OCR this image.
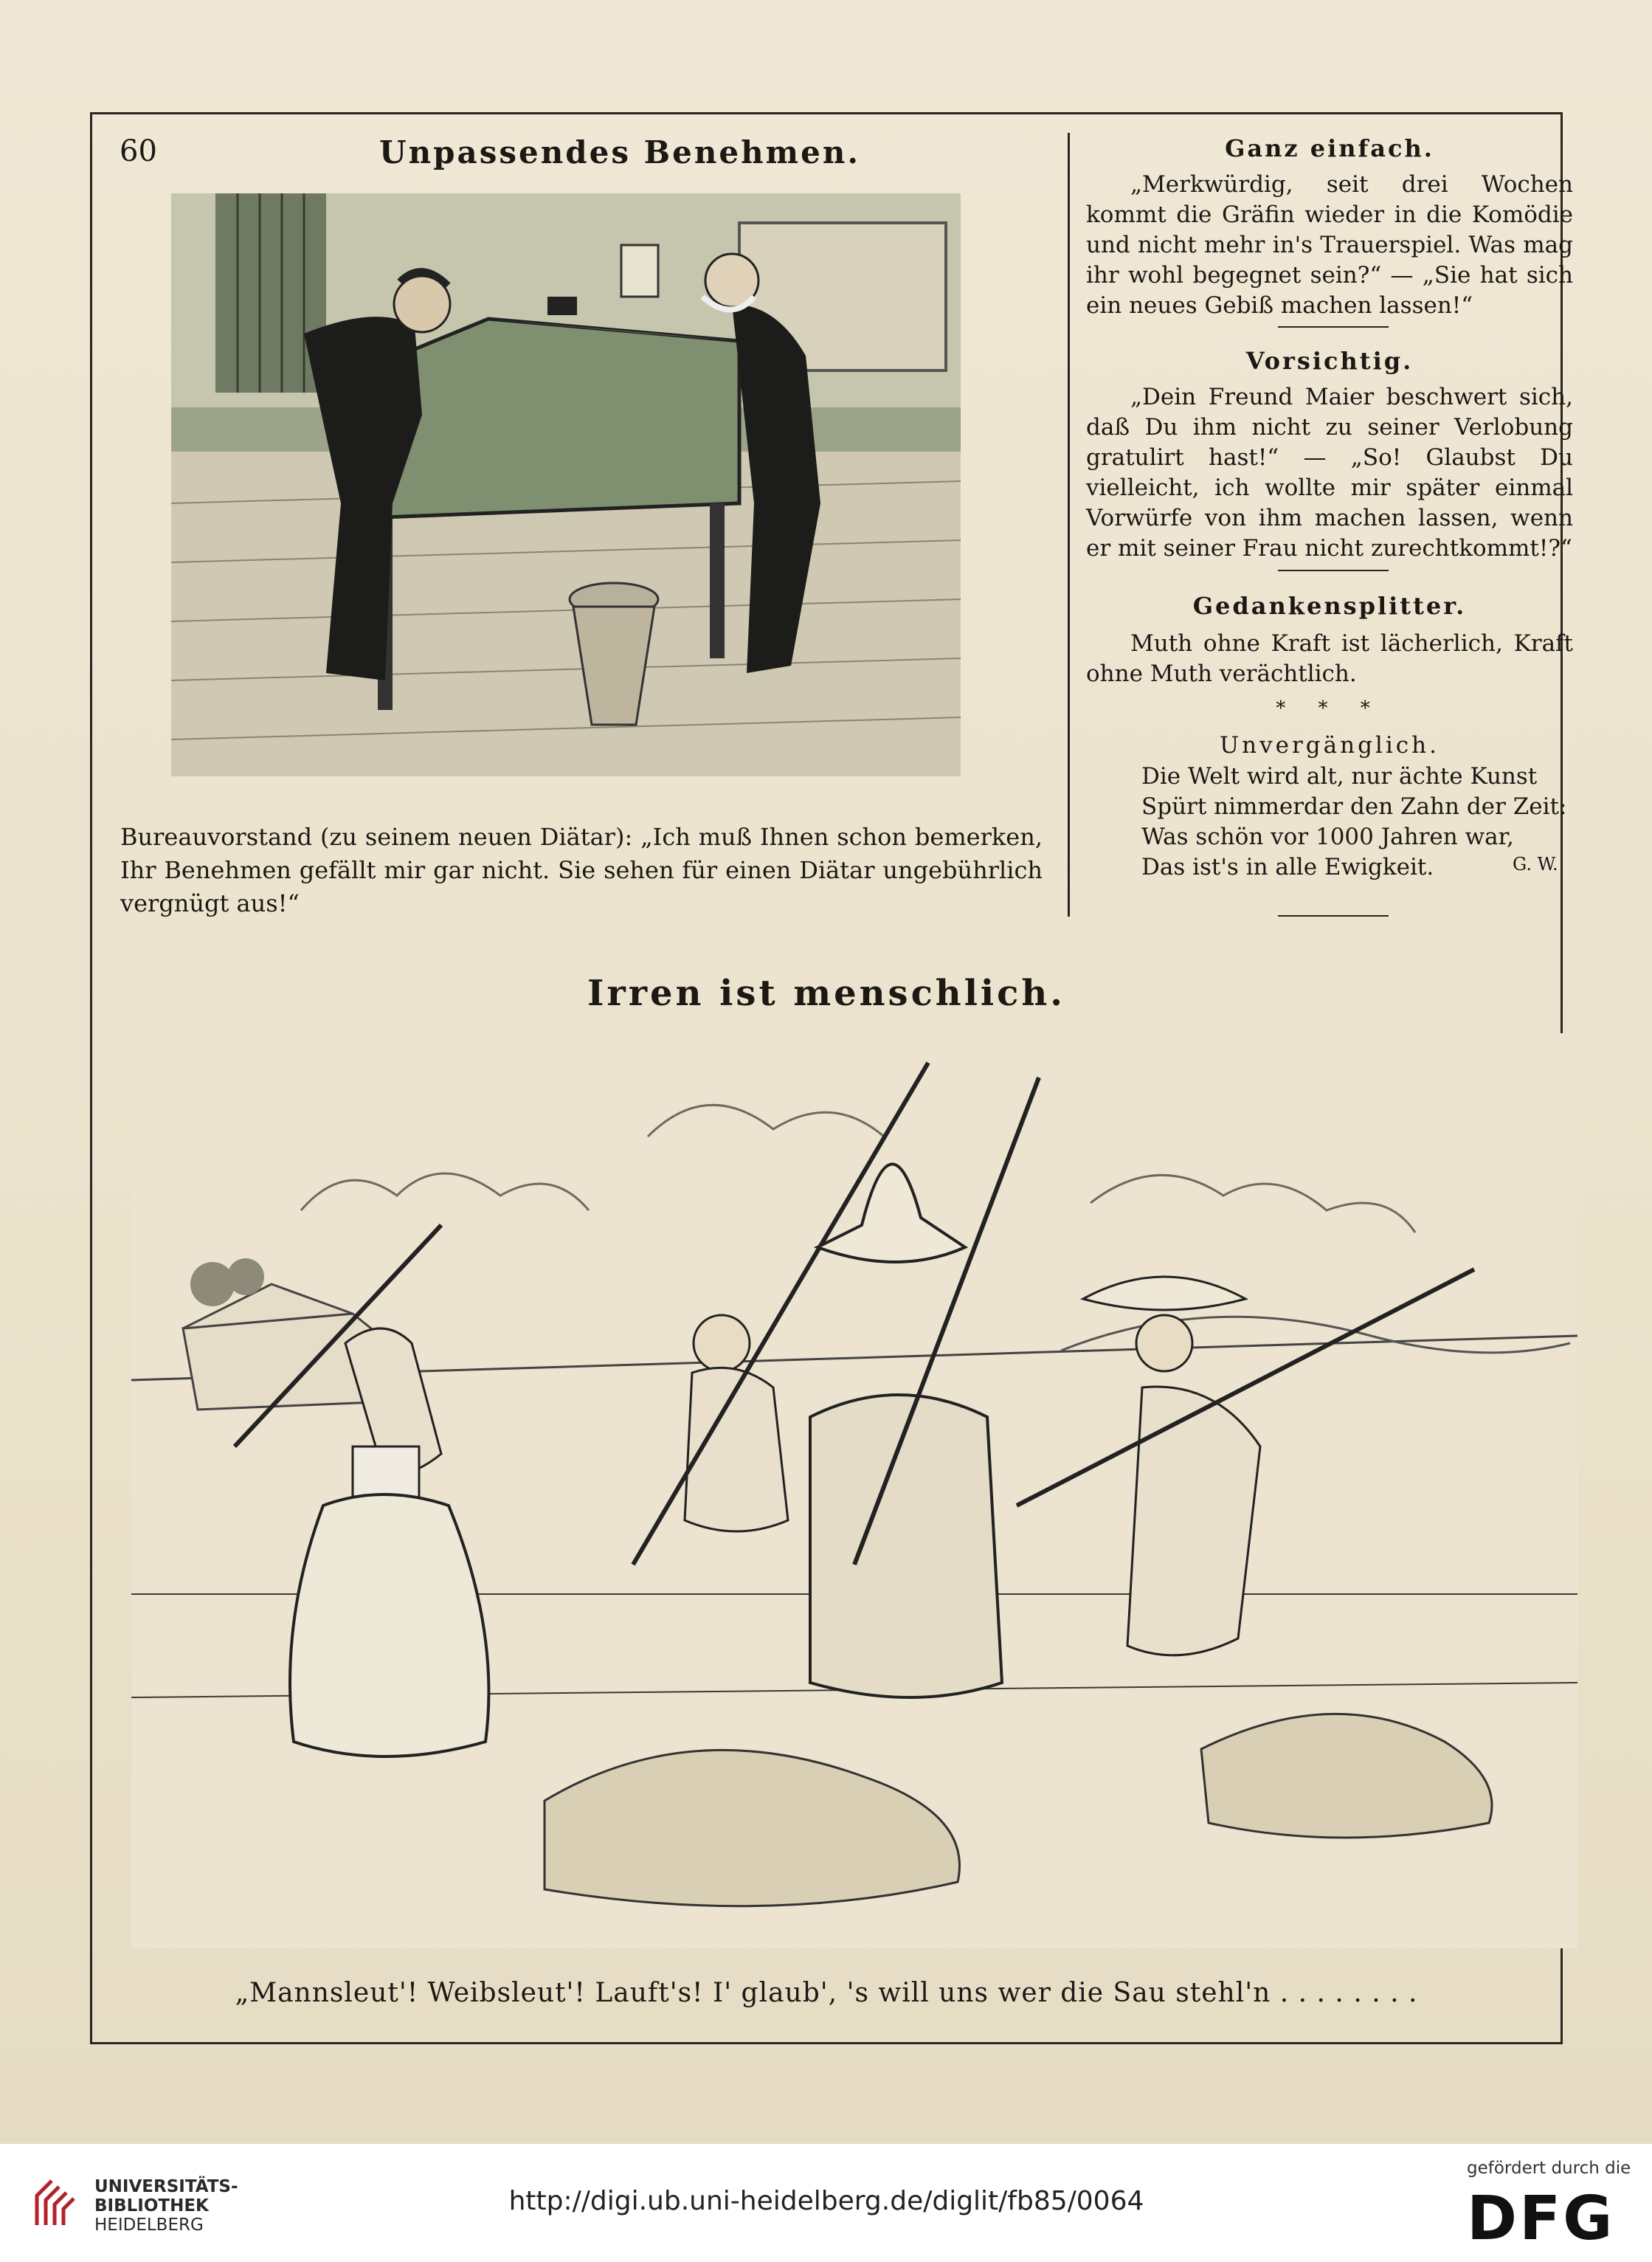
60	Unpassendes Benehmen.
Bureauvorstand (zu seinem neuen Diätar): „Ich muß Ihnen schon bemerken, Ihr Benehmen gefällt mir gar nicht. Sie sehen für einen Diätar ungebührlich vergnügt aus!“
Ganz einfach.

„Merkwürdig, seit drei Wochen kommt die Gräfin wieder in die Komödie und nicht mehr in's Trauerspiel. Was mag ihr wohl begegnet sein?“ — „Sie hat sich ein neues Gebiß machen lassen!“

Vorsichtig.

„Dein Freund Maier beschwert sich, daß Du ihm nicht zu seiner Verlobung gratulirt hast!“ — „So! Glaubst Du vielleicht, ich wollte mir später einmal Vorwürfe von ihm machen lassen, wenn er mit seiner Frau nicht zurechtkommt!?“

Gedankensplitter.

Muth ohne Kraft ist lächerlich, Kraft ohne Muth verächtlich.

* * *
Unvergänglich.
Die Welt wird alt, nur ächte Kunst
Spürt nimmerdar den Zahn der Zeit:
Was schön vor 1000 Jahren war,
Das ist's in alle Ewigkeit.	G. W.
Irren ist menschlich.
„Mannsleut'! Weibsleut'! Lauft's! I' glaub', 's will uns wer die Sau stehl'n . . . . . . . .
UNIVERSITÄTS-
BIBLIOTHEK
HEIDELBERG
http://digi.ub.uni-heidelberg.de/diglit/fb85/0064
gefördert durch die
DFG
